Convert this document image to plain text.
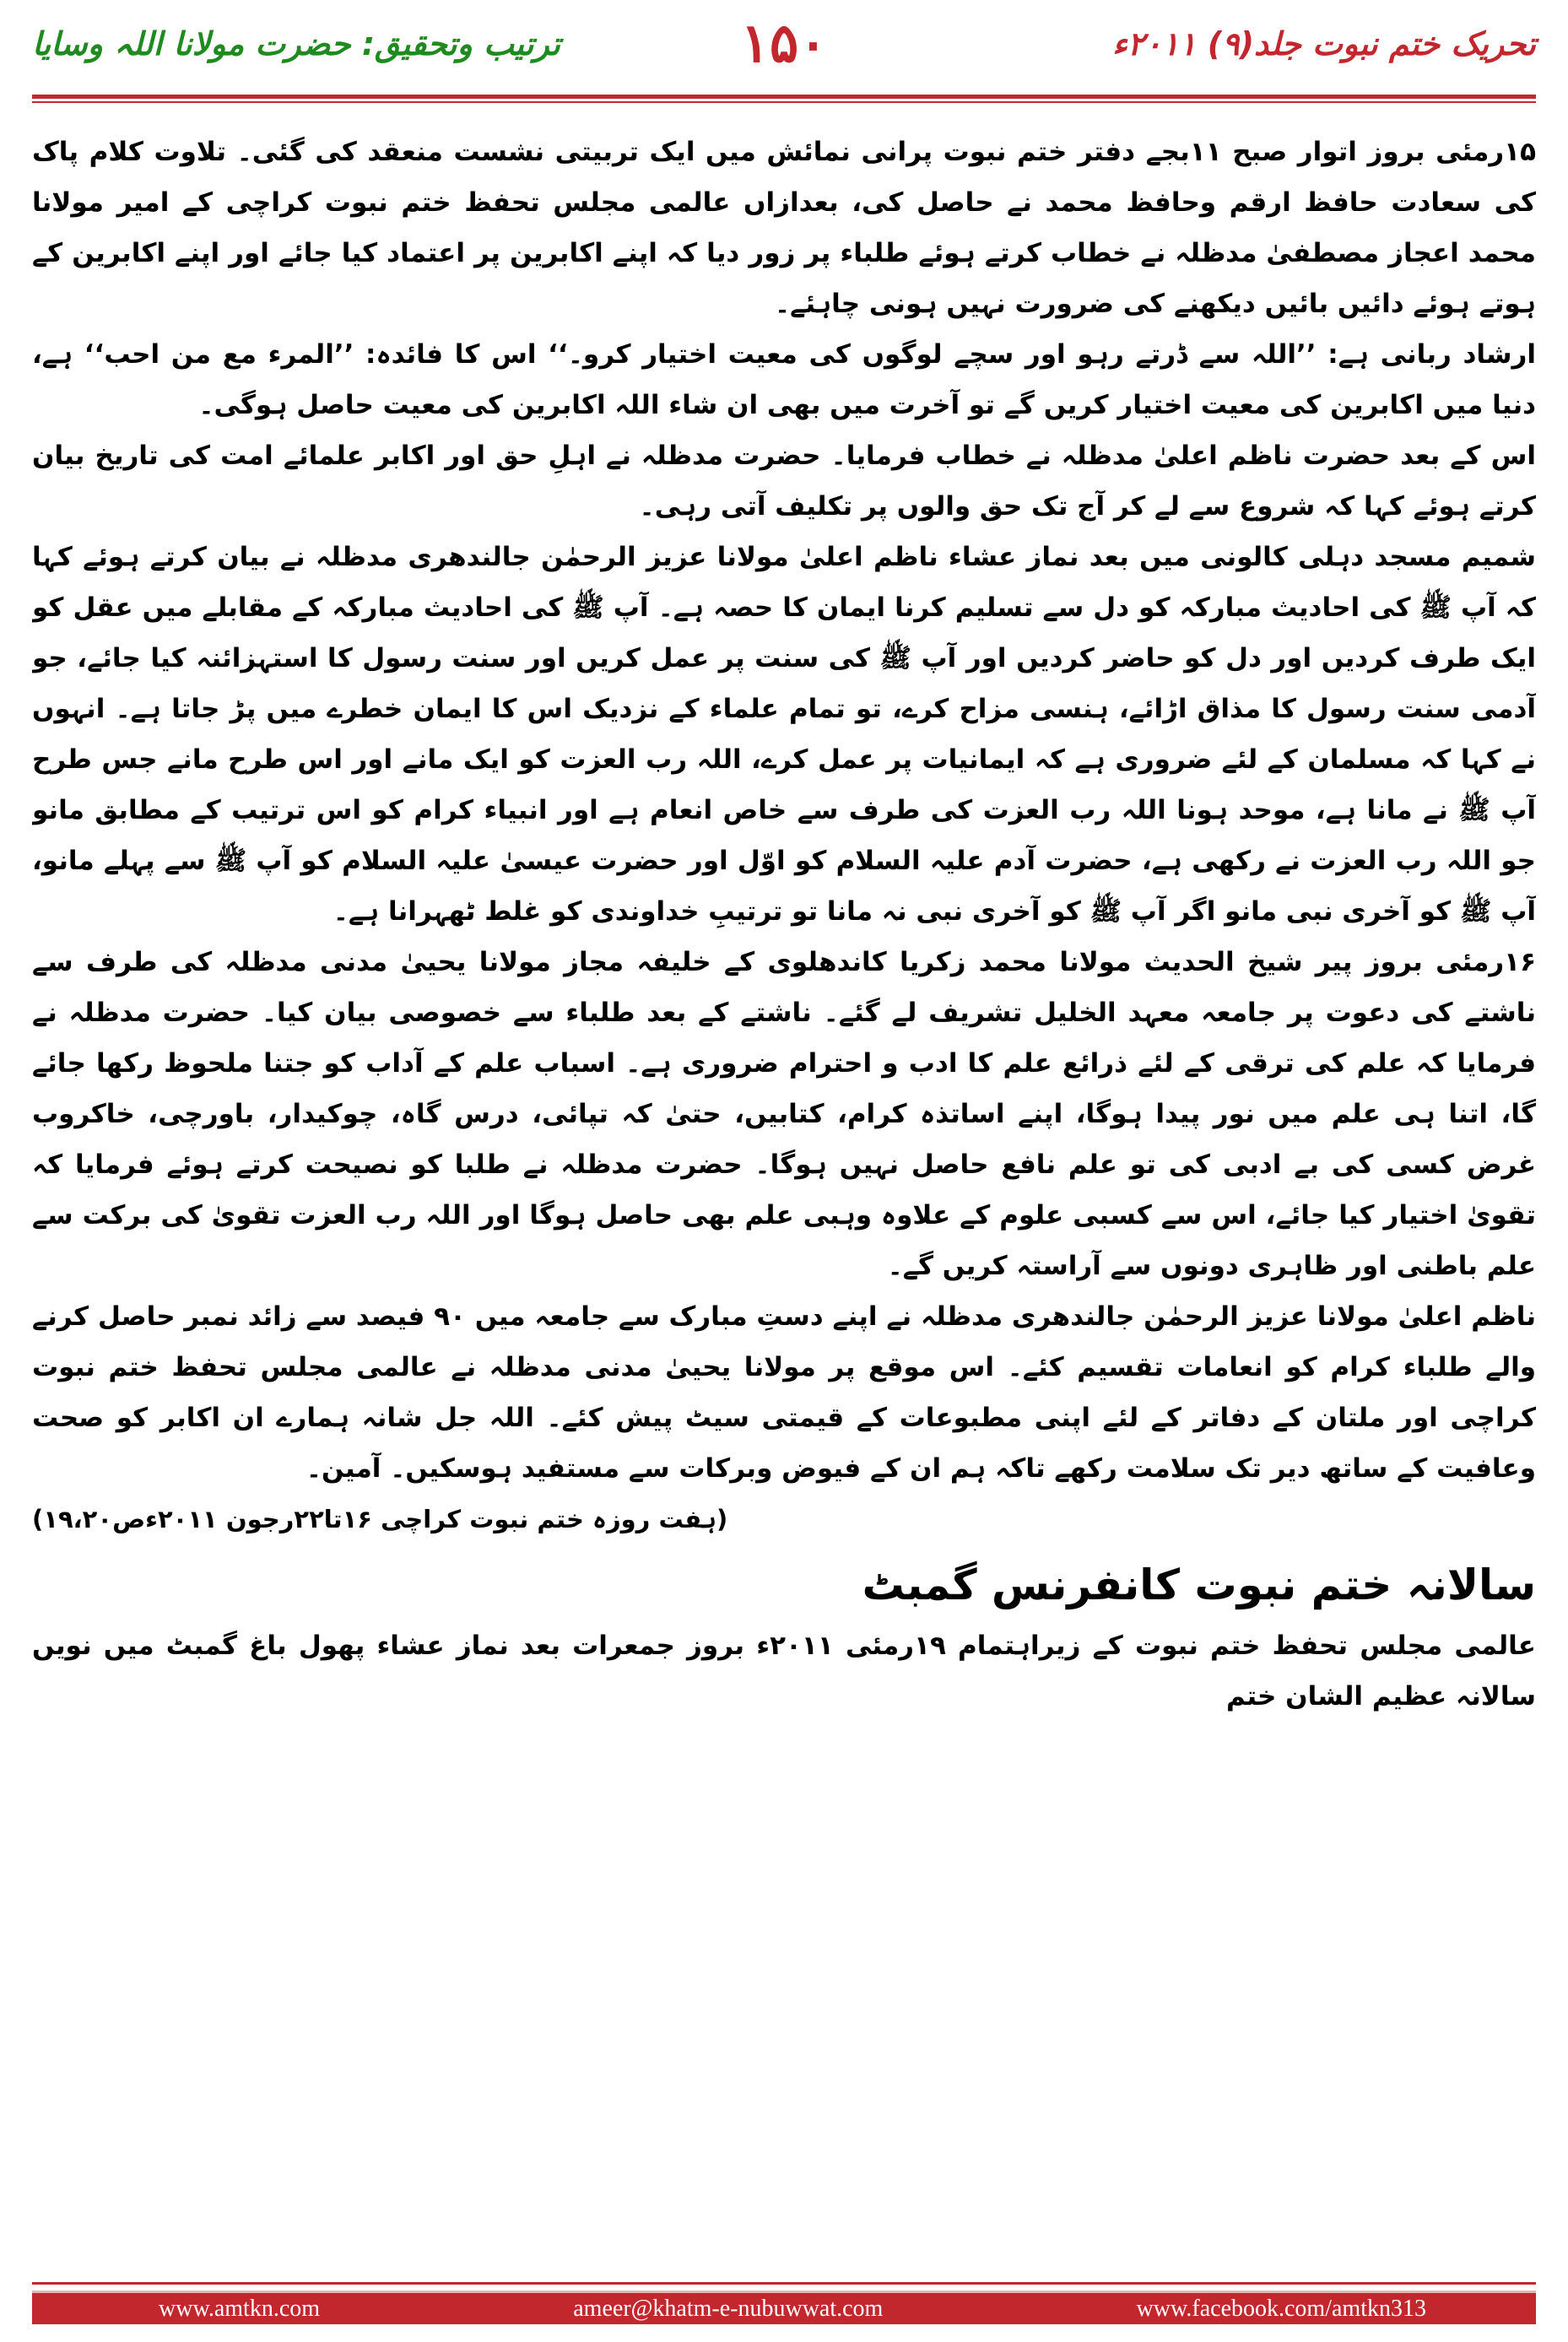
ترتیب وتحقیق: حضرت مولانا اللہ وسایا	۱۵۰	تحریک ختم نبوت جلد(۹) ۲۰۱۱ء

۱۵رمئی بروز اتوار صبح ۱۱بجے دفتر ختم نبوت پرانی نمائش میں ایک تربیتی نشست منعقد کی گئی۔ تلاوت کلام پاک کی سعادت حافظ ارقم وحافظ محمد نے حاصل کی، بعدازاں عالمی مجلس تحفظ ختم نبوت کراچی کے امیر مولانا محمد اعجاز مصطفیٰ مدظلہ نے خطاب کرتے ہوئے طلباء پر زور دیا کہ اپنے اکابرین پر اعتماد کیا جائے اور اپنے اکابرین کے ہوتے ہوئے دائیں بائیں دیکھنے کی ضرورت نہیں ہونی چاہئے۔

ارشاد ربانی ہے: ’’اللہ سے ڈرتے رہو اور سچے لوگوں کی معیت اختیار کرو۔‘‘ اس کا فائدہ: ’’المرء مع من احب‘‘ ہے، دنیا میں اکابرین کی معیت اختیار کریں گے تو آخرت میں بھی ان شاء اللہ اکابرین کی معیت حاصل ہوگی۔

اس کے بعد حضرت ناظم اعلیٰ مدظلہ نے خطاب فرمایا۔ حضرت مدظلہ نے اہلِ حق اور اکابر علمائے امت کی تاریخ بیان کرتے ہوئے کہا کہ شروع سے لے کر آج تک حق والوں پر تکلیف آتی رہی۔

شمیم مسجد دہلی کالونی میں بعد نماز عشاء ناظم اعلیٰ مولانا عزیز الرحمٰن جالندھری مدظلہ نے بیان کرتے ہوئے کہا کہ آپ ﷺ کی احادیث مبارکہ کو دل سے تسلیم کرنا ایمان کا حصہ ہے۔ آپ ﷺ کی احادیث مبارکہ کے مقابلے میں عقل کو ایک طرف کردیں اور دل کو حاضر کردیں اور آپ ﷺ کی سنت پر عمل کریں اور سنت رسول کا استہزائنہ کیا جائے، جو آدمی سنت رسول کا مذاق اڑائے، ہنسی مزاح کرے، تو تمام علماء کے نزدیک اس کا ایمان خطرے میں پڑ جاتا ہے۔ انہوں نے کہا کہ مسلمان کے لئے ضروری ہے کہ ایمانیات پر عمل کرے، اللہ رب العزت کو ایک مانے اور اس طرح مانے جس طرح آپ ﷺ نے مانا ہے، موحد ہونا اللہ رب العزت کی طرف سے خاص انعام ہے اور انبیاء کرام کو اس ترتیب کے مطابق مانو جو اللہ رب العزت نے رکھی ہے، حضرت آدم علیہ السلام کو اوّل اور حضرت عیسیٰ علیہ السلام کو آپ ﷺ سے پہلے مانو، آپ ﷺ کو آخری نبی مانو اگر آپ ﷺ کو آخری نبی نہ مانا تو ترتیبِ خداوندی کو غلط ٹھہرانا ہے۔

۱۶رمئی بروز پیر شیخ الحدیث مولانا محمد زکریا کاندھلوی کے خلیفہ مجاز مولانا یحییٰ مدنی مدظلہ کی طرف سے ناشتے کی دعوت پر جامعہ معہد الخلیل تشریف لے گئے۔ ناشتے کے بعد طلباء سے خصوصی بیان کیا۔ حضرت مدظلہ نے فرمایا کہ علم کی ترقی کے لئے ذرائع علم کا ادب و احترام ضروری ہے۔ اسباب علم کے آداب کو جتنا ملحوظ رکھا جائے گا، اتنا ہی علم میں نور پیدا ہوگا، اپنے اساتذہ کرام، کتابیں، حتیٰ کہ تپائی، درس گاہ، چوکیدار، باورچی، خاکروب غرض کسی کی بے ادبی کی تو علم نافع حاصل نہیں ہوگا۔ حضرت مدظلہ نے طلبا کو نصیحت کرتے ہوئے فرمایا کہ تقویٰ اختیار کیا جائے، اس سے کسبی علوم کے علاوہ وہبی علم بھی حاصل ہوگا اور اللہ رب العزت تقویٰ کی برکت سے علم باطنی اور ظاہری دونوں سے آراستہ کریں گے۔

ناظم اعلیٰ مولانا عزیز الرحمٰن جالندھری مدظلہ نے اپنے دستِ مبارک سے جامعہ میں ۹۰ فیصد سے زائد نمبر حاصل کرنے والے طلباء کرام کو انعامات تقسیم کئے۔ اس موقع پر مولانا یحییٰ مدنی مدظلہ نے عالمی مجلس تحفظ ختم نبوت کراچی اور ملتان کے دفاتر کے لئے اپنی مطبوعات کے قیمتی سیٹ پیش کئے۔ اللہ جل شانہ ہمارے ان اکابر کو صحت وعافیت کے ساتھ دیر تک سلامت رکھے تاکہ ہم ان کے فیوض وبرکات سے مستفید ہوسکیں۔ آمین۔

(ہفت روزہ ختم نبوت کراچی ۱۶تا۲۲رجون ۲۰۱۱ءص۱۹،۲۰)

سالانہ ختم نبوت کانفرنس گمبٹ

عالمی مجلس تحفظ ختم نبوت کے زیراہتمام ۱۹رمئی ۲۰۱۱ء بروز جمعرات بعد نماز عشاء پھول باغ گمبٹ میں نویں سالانہ عظیم الشان ختم

www.amtkn.com	ameer@khatm-e-nubuwwat.com	www.facebook.com/amtkn313
